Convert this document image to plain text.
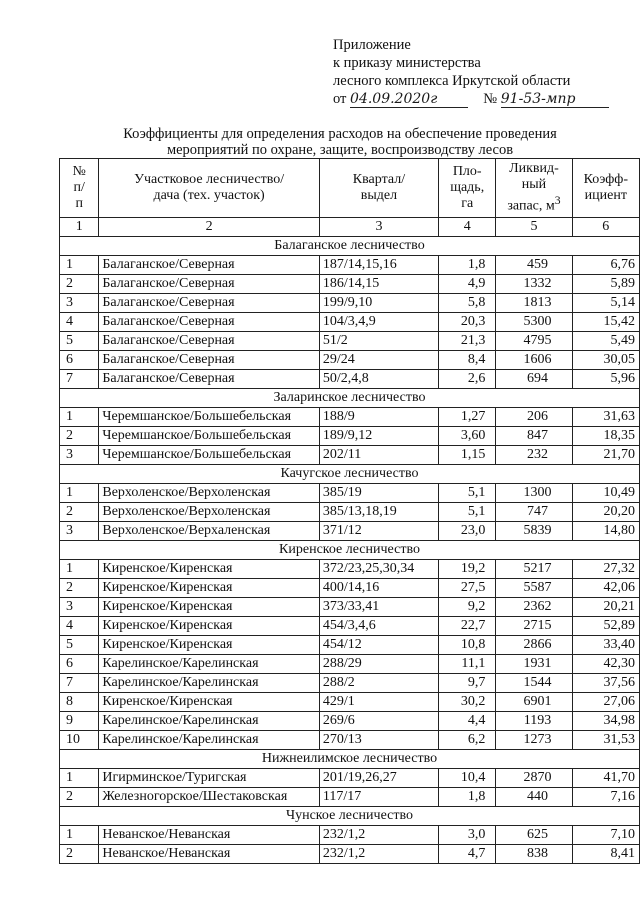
Приложение
к приказу министерства
лесного комплекса Иркутской области
от 04.09.2020г	№ 91-53-мпр
Коэффициенты для определения расходов на обеспечение проведения
мероприятий по охране, защите, воспроизводству лесов
№
п/
п	Участковое лесничество/
дача (тех. участок)	Квартал/
выдел	Пло-
щадь,
га	Ликвид-
ный
запас, $м^3$	Коэфф-
ициент
1	2	3	4	5	6
Балаганское лесничество					
1	Балаганское/Северная	187/14,15,16	1,8	459	6,76
2	Балаганское/Северная	186/14,15	4,9	1332	5,89
3	Балаганское/Северная	199/9,10	5,8	1813	5,14
4	Балаганское/Северная	104/3,4,9	20,3	5300	15,42
5	Балаганское/Северная	51/2	21,3	4795	5,49
6	Балаганское/Северная	29/24	8,4	1606	30,05
7	Балаганское/Северная	50/2,4,8	2,6	694	5,96
Заларинское лесничество					
1	Черемшанское/Большебельская	188/9	1,27	206	31,63
2	Черемшанское/Большебельская	189/9,12	3,60	847	18,35
3	Черемшанское/Большебельская	202/11	1,15	232	21,70
Качугское лесничество					
1	Верхоленское/Верхоленская	385/19	5,1	1300	10,49
2	Верхоленское/Верхоленская	385/13,18,19	5,1	747	20,20
3	Верхоленское/Верхаленская	371/12	23,0	5839	14,80
Киренское лесничество					
1	Киренское/Киренская	372/23,25,30,34	19,2	5217	27,32
2	Киренское/Киренская	400/14,16	27,5	5587	42,06
3	Киренское/Киренская	373/33,41	9,2	2362	20,21
4	Киренское/Киренская	454/3,4,6	22,7	2715	52,89
5	Киренское/Киренская	454/12	10,8	2866	33,40
6	Карелинское/Карелинская	288/29	11,1	1931	42,30
7	Карелинское/Карелинская	288/2	9,7	1544	37,56
8	Киренское/Киренская	429/1	30,2	6901	27,06
9	Карелинское/Карелинская	269/6	4,4	1193	34,98
10	Карелинское/Карелинская	270/13	6,2	1273	31,53
Нижнеилимское лесничество					
1	Игирминское/Туригская	201/19,26,27	10,4	2870	41,70
2	Железногорское/Шестаковская	117/17	1,8	440	7,16
Чунское лесничество					
1	Неванское/Неванская	232/1,2	3,0	625	7,10
2	Неванское/Неванская	232/1,2	4,7	838	8,41
